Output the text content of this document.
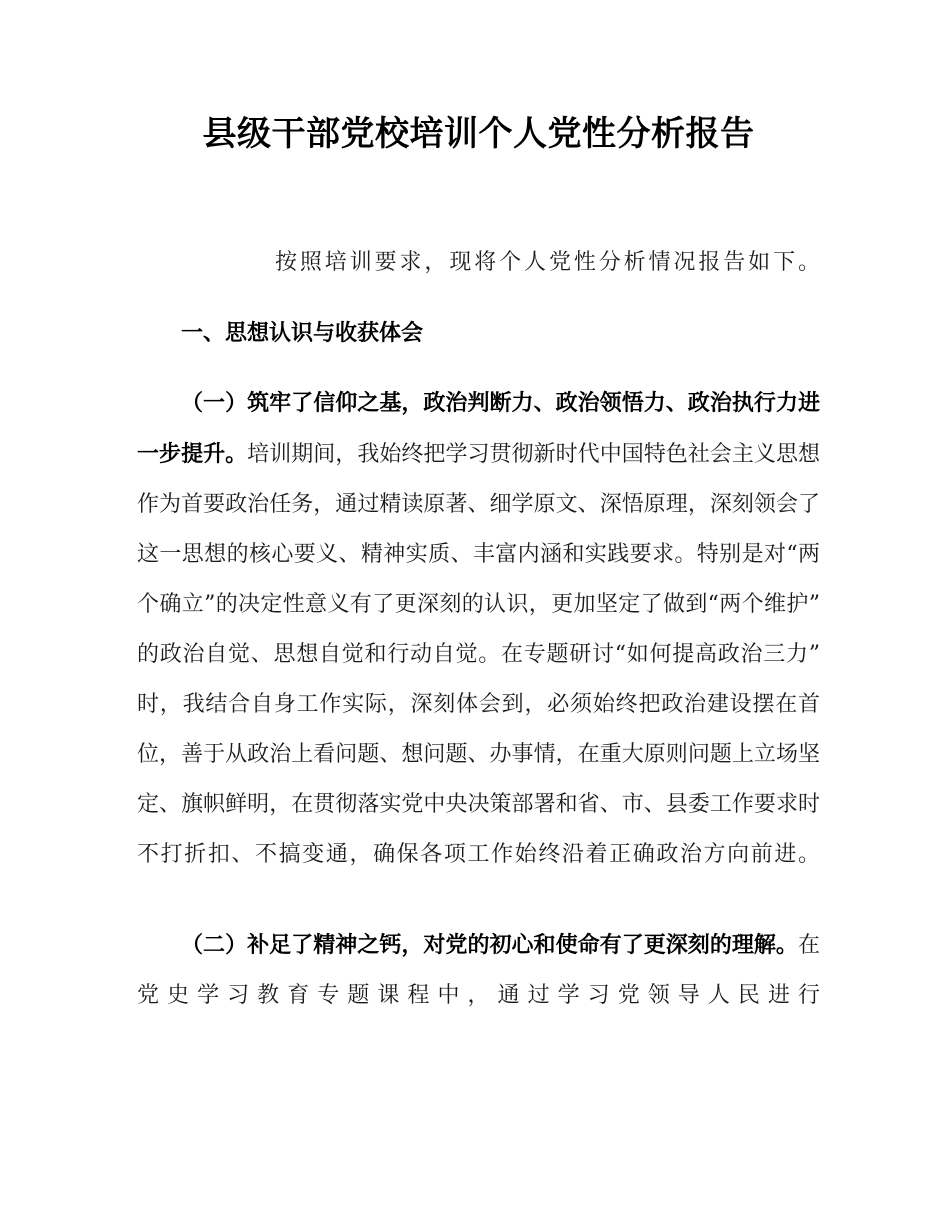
县级干部党校培训个人党性分析报告

按照培训要求，现将个人党性分析情况报告如下。

一、思想认识与收获体会

（一）筑牢了信仰之基，政治判断力、政治领悟力、政治执行力进一步提升。培训期间，我始终把学习贯彻新时代中国特色社会主义思想作为首要政治任务，通过精读原著、细学原文、深悟原理，深刻领会了这一思想的核心要义、精神实质、丰富内涵和实践要求。特别是对“两个确立”的决定性意义有了更深刻的认识，更加坚定了做到“两个维护”的政治自觉、思想自觉和行动自觉。在专题研讨“如何提高政治三力”时，我结合自身工作实际，深刻体会到，必须始终把政治建设摆在首位，善于从政治上看问题、想问题、办事情，在重大原则问题上立场坚定、旗帜鲜明，在贯彻落实党中央决策部署和省、市、县委工作要求时不打折扣、不搞变通，确保各项工作始终沿着正确政治方向前进。

（二）补足了精神之钙，对党的初心和使命有了更深刻的理解。在党史学习教育专题课程中，通过学习党领导人民进行
